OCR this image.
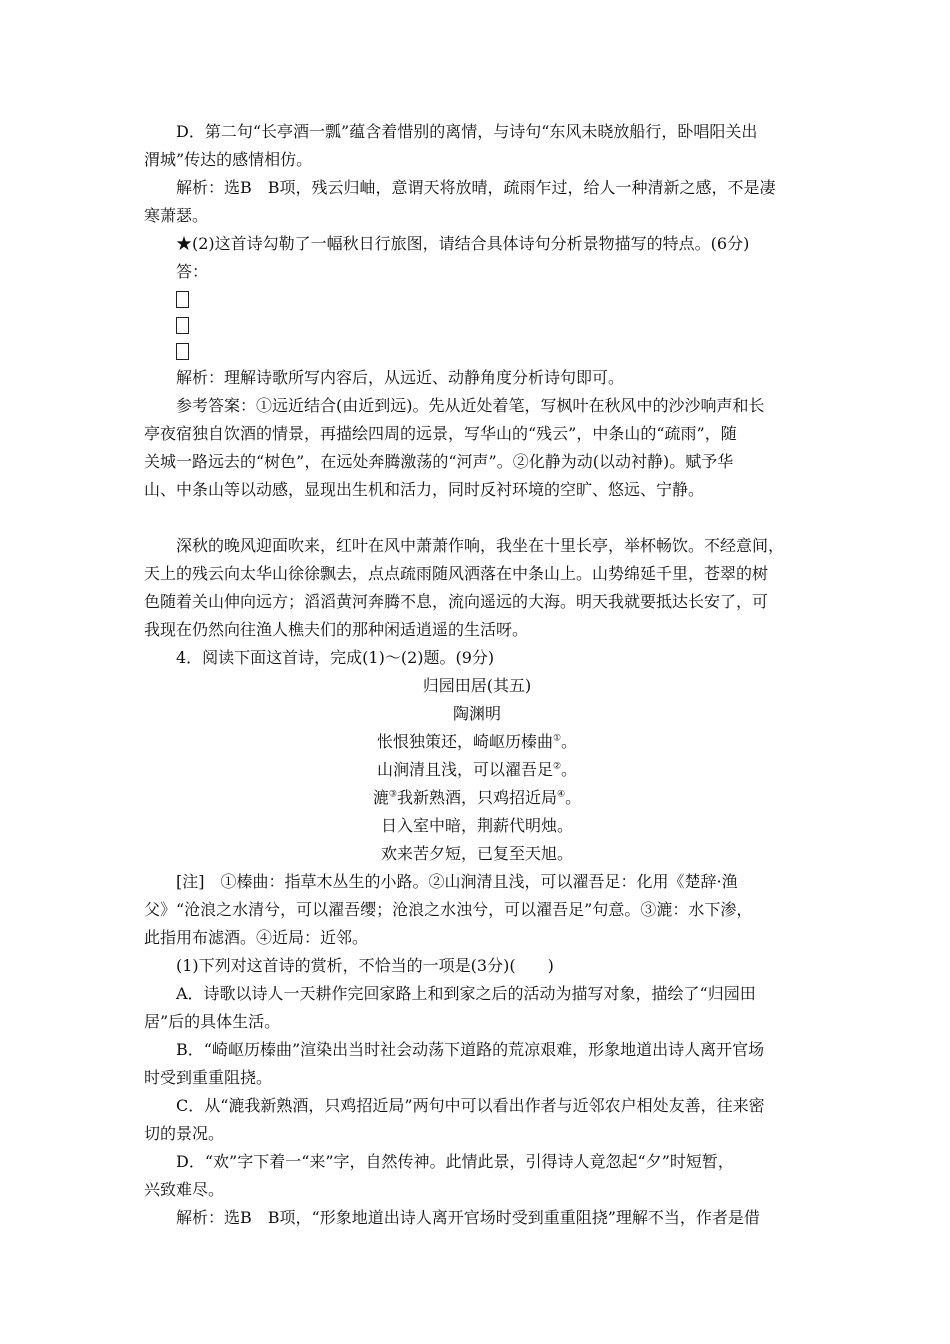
D．第二句“长亭酒一瓢”蕴含着惜别的离情，与诗句“东风未晓放船行，卧唱阳关出

渭城”传达的感情相仿。

解析：选B　B项，残云归岫，意谓天将放晴，疏雨乍过，给人一种清新之感，不是凄

寒萧瑟。

★(2)这首诗勾勒了一幅秋日行旅图，请结合具体诗句分析景物描写的特点。(6分)

答：

解析：理解诗歌所写内容后，从远近、动静角度分析诗句即可。

参考答案：①远近结合(由近到远)。先从近处着笔，写枫叶在秋风中的沙沙响声和长

亭夜宿独自饮酒的情景，再描绘四周的远景，写华山的“残云”，中条山的“疏雨”，随

关城一路远去的“树色”，在远处奔腾激荡的“河声”。②化静为动(以动衬静)。赋予华

山、中条山等以动感，显现出生机和活力，同时反衬环境的空旷、悠远、宁静。

深秋的晚风迎面吹来，红叶在风中萧萧作响，我坐在十里长亭，举杯畅饮。不经意间，

天上的残云向太华山徐徐飘去，点点疏雨随风洒落在中条山上。山势绵延千里，苍翠的树

色随着关山伸向远方；滔滔黄河奔腾不息，流向遥远的大海。明天我就要抵达长安了，可

我现在仍然向往渔人樵夫们的那种闲适逍遥的生活呀。

4．阅读下面这首诗，完成(1)～(2)题。(9分)

归园田居(其五)

陶渊明

怅恨独策还，崎岖历榛曲①。

山涧清且浅，可以濯吾足②。

漉③我新熟酒，只鸡招近局④。

日入室中暗，荆薪代明烛。

欢来苦夕短，已复至天旭。

[注]　①榛曲：指草木丛生的小路。②山涧清且浅，可以濯吾足：化用《楚辞·渔

父》“沧浪之水清兮，可以濯吾缨；沧浪之水浊兮，可以濯吾足”句意。③漉：水下渗，

此指用布滤酒。④近局：近邻。

(1)下列对这首诗的赏析，不恰当的一项是(3分)(　　)

A．诗歌以诗人一天耕作完回家路上和到家之后的活动为描写对象，描绘了“归园田

居”后的具体生活。

B．“崎岖历榛曲”渲染出当时社会动荡下道路的荒凉艰难，形象地道出诗人离开官场

时受到重重阻挠。

C．从“漉我新熟酒，只鸡招近局”两句中可以看出作者与近邻农户相处友善，往来密

切的景况。

D．“欢”字下着一“来”字，自然传神。此情此景，引得诗人竟忽起“夕”时短暂，

兴致难尽。

解析：选B　B项，“形象地道出诗人离开官场时受到重重阻挠”理解不当，作者是借
